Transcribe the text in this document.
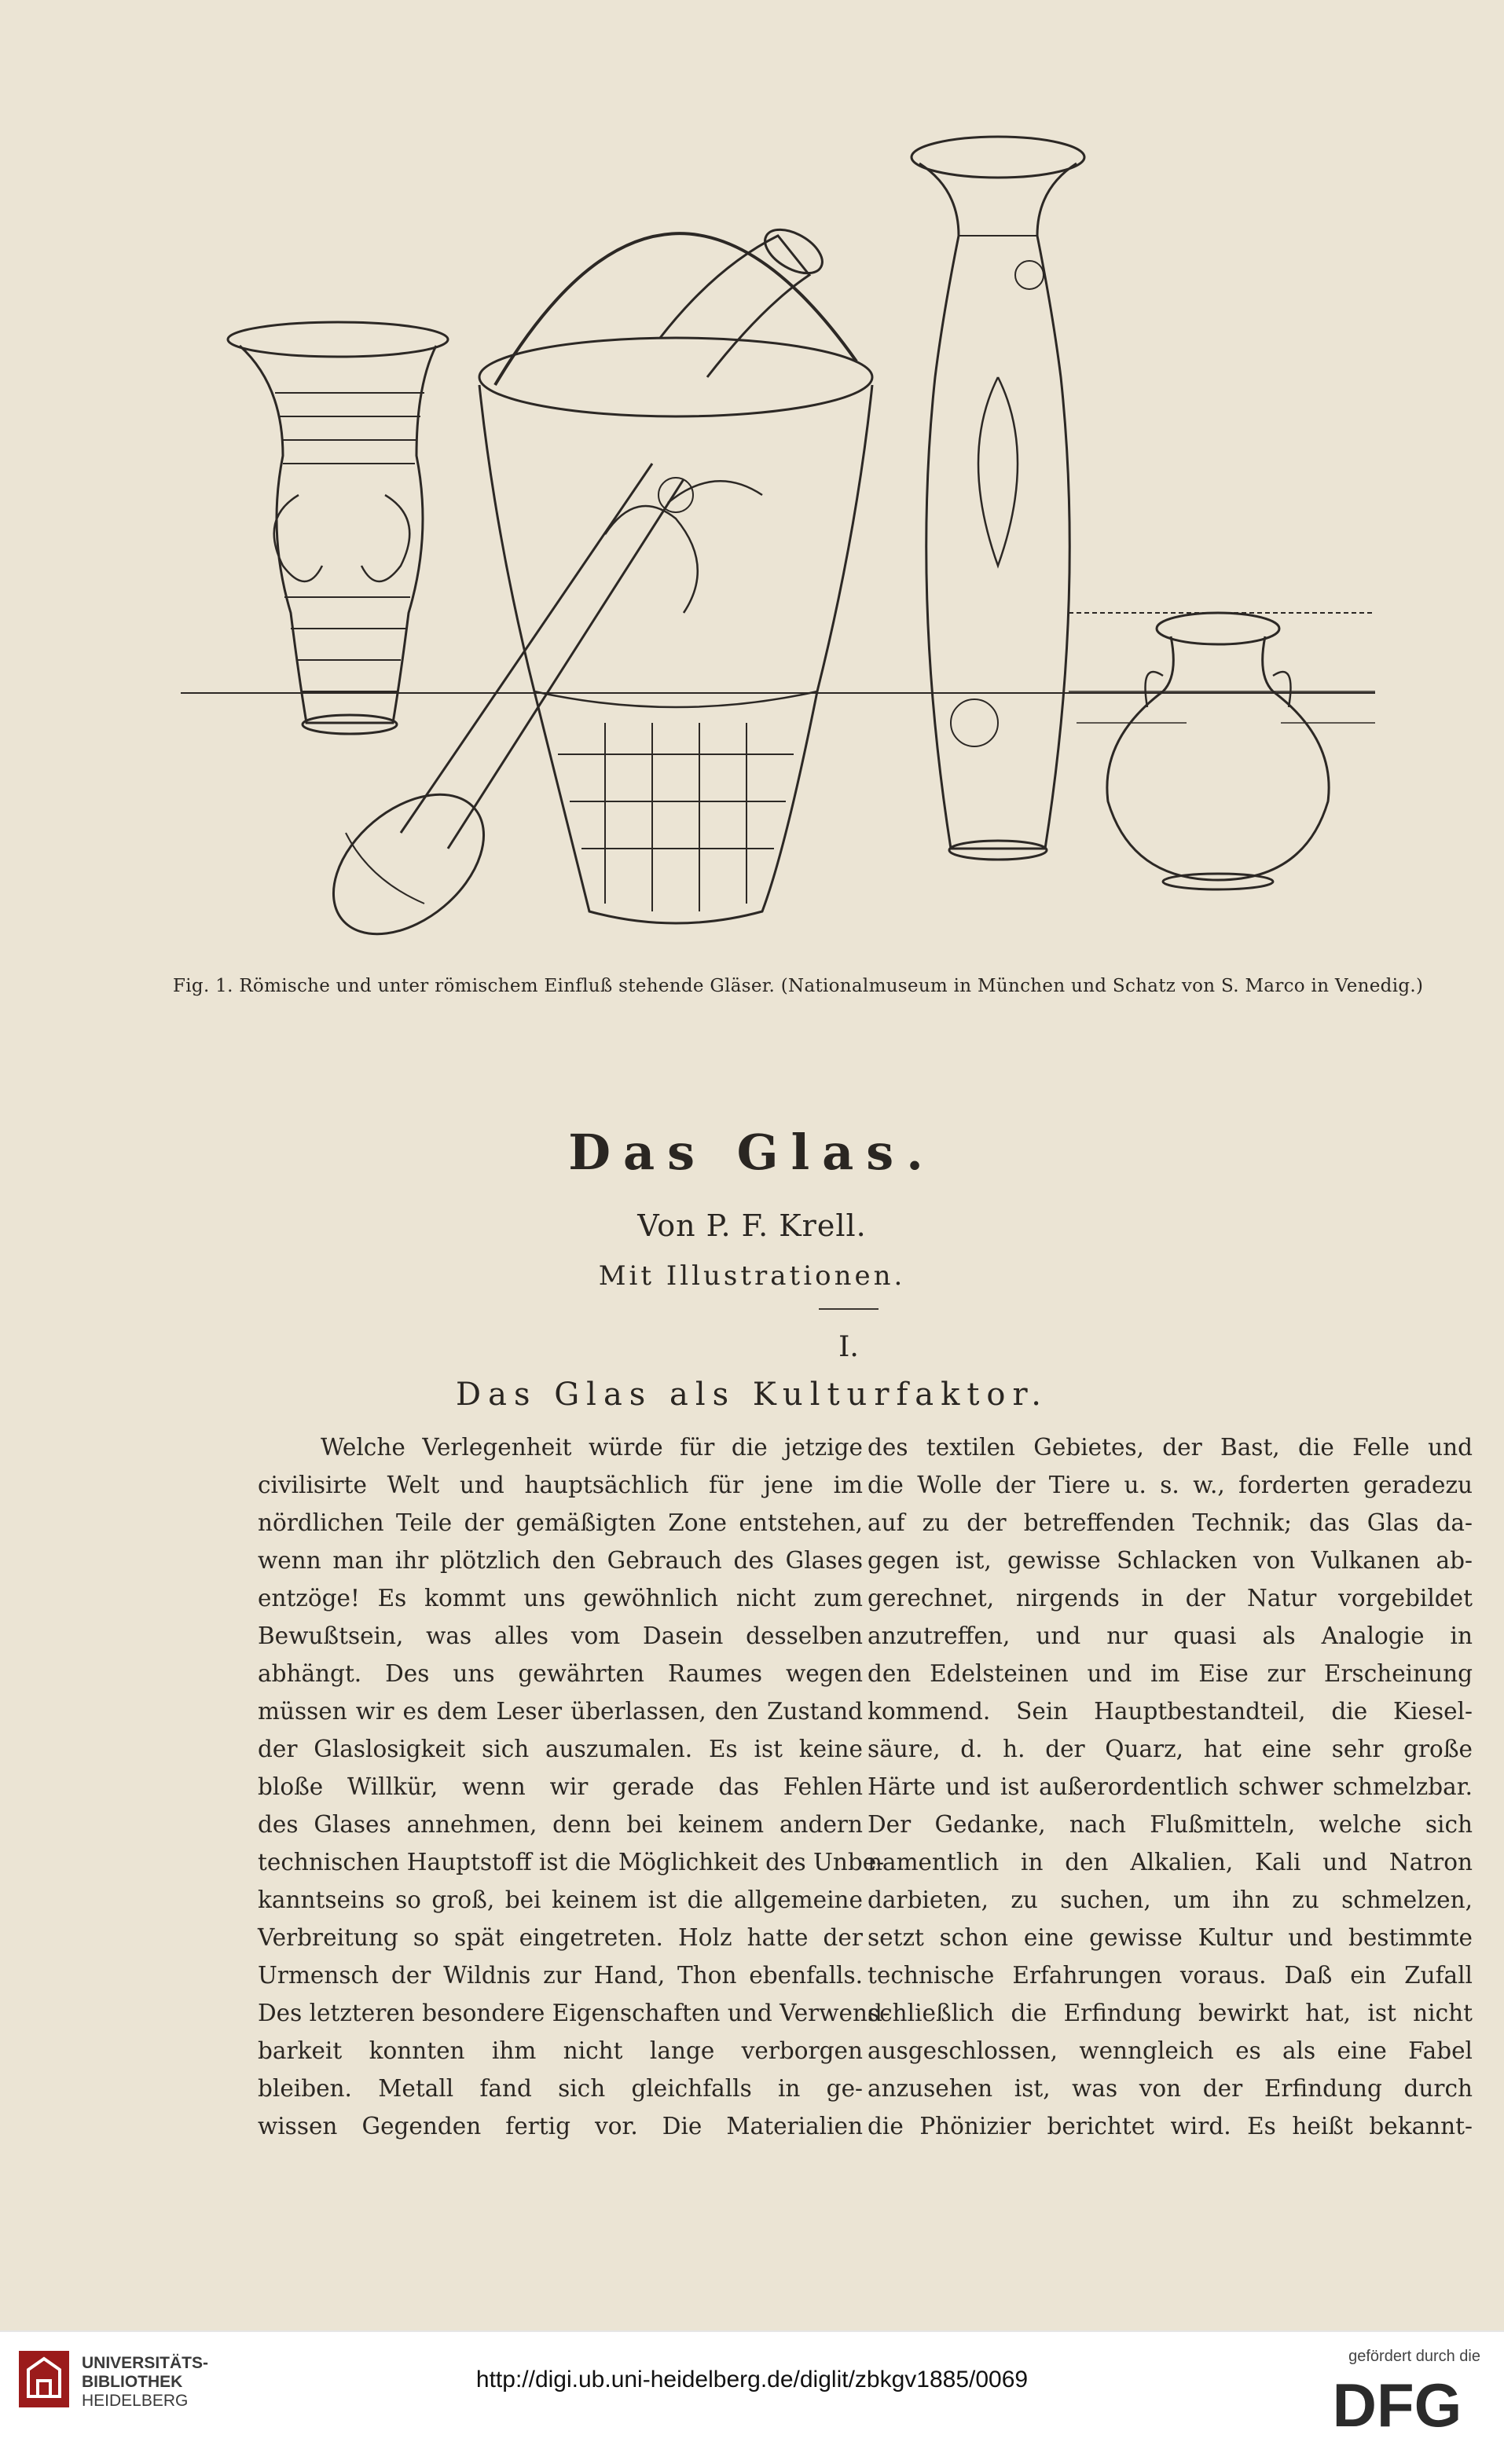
Fig. 1. Römische und unter römischem Einfluß stehende Gläser. (Nationalmuseum in München und Schatz von S. Marco in Venedig.)
Das Glas.
Von P. F. Krell.
Mit Illustrationen.
I.
Das Glas als Kulturfaktor.
Welche Verlegenheit würde für die jetzige
civilisirte Welt und hauptsächlich für jene im
nördlichen Teile der gemäßigten Zone entstehen,
wenn man ihr plötzlich den Gebrauch des Glases
entzöge! Es kommt uns gewöhnlich nicht zum
Bewußtsein, was alles vom Dasein desselben
abhängt. Des uns gewährten Raumes wegen
müssen wir es dem Leser überlassen, den Zustand
der Glaslosigkeit sich auszumalen. Es ist keine
bloße Willkür, wenn wir gerade das Fehlen
des Glases annehmen, denn bei keinem andern
technischen Hauptstoff ist die Möglichkeit des Unbe-
kanntseins so groß, bei keinem ist die allgemeine
Verbreitung so spät eingetreten. Holz hatte der
Urmensch der Wildnis zur Hand, Thon ebenfalls.
Des letzteren besondere Eigenschaften und Verwend-
barkeit konnten ihm nicht lange verborgen
bleiben. Metall fand sich gleichfalls in ge-
wissen Gegenden fertig vor. Die Materialien
des textilen Gebietes, der Bast, die Felle und
die Wolle der Tiere u. s. w., forderten geradezu
auf zu der betreffenden Technik; das Glas da-
gegen ist, gewisse Schlacken von Vulkanen ab-
gerechnet, nirgends in der Natur vorgebildet
anzutreffen, und nur quasi als Analogie in
den Edelsteinen und im Eise zur Erscheinung
kommend. Sein Hauptbestandteil, die Kiesel-
säure, d. h. der Quarz, hat eine sehr große
Härte und ist außerordentlich schwer schmelzbar.
Der Gedanke, nach Flußmitteln, welche sich
namentlich in den Alkalien, Kali und Natron
darbieten, zu suchen, um ihn zu schmelzen,
setzt schon eine gewisse Kultur und bestimmte
technische Erfahrungen voraus. Daß ein Zufall
schließlich die Erfindung bewirkt hat, ist nicht
ausgeschlossen, wenngleich es als eine Fabel
anzusehen ist, was von der Erfindung durch
die Phönizier berichtet wird. Es heißt bekannt-
UNIVERSITÄTS-
BIBLIOTHEK
HEIDELBERG
http://digi.ub.uni-heidelberg.de/diglit/zbkgv1885/0069
gefördert durch die
DFG
